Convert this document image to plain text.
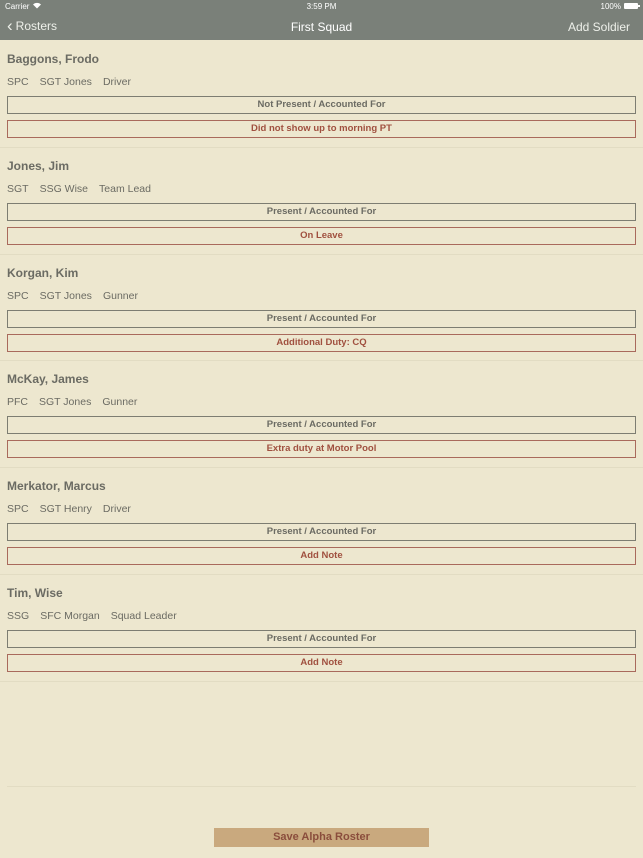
Carrier	3:59 PM	100%
‹ Rosters	First Squad	Add Soldier
Baggons, Frodo
SPC SGT Jones Driver
Not Present / Accounted For
Did not show up to morning PT
Jones, Jim
SGT SSG Wise Team Lead
Present / Accounted For
On Leave
Korgan, Kim
SPC SGT Jones Gunner
Present / Accounted For
Additional Duty: CQ
McKay, James
PFC SGT Jones Gunner
Present / Accounted For
Extra duty at Motor Pool
Merkator, Marcus
SPC SGT Henry Driver
Present / Accounted For
Add Note
Tim, Wise
SSG SFC Morgan Squad Leader
Present / Accounted For
Add Note
Save Alpha Roster
